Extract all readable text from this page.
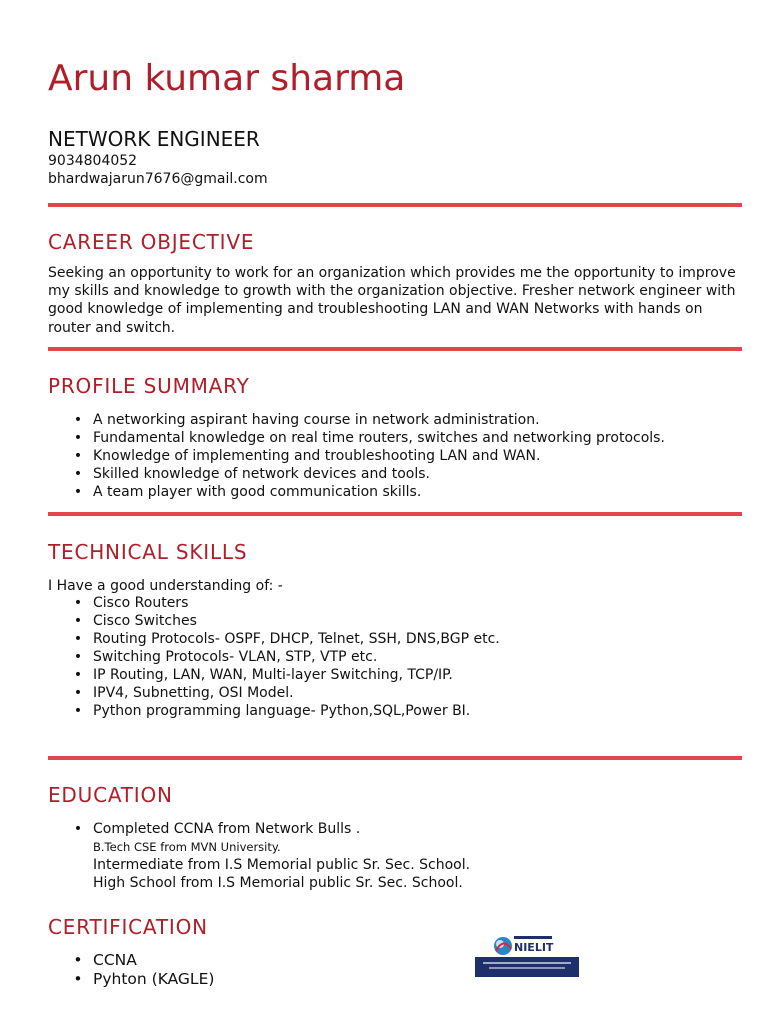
Arun kumar sharma
NETWORK ENGINEER
9034804052
bhardwajarun7676@gmail.com
CAREER OBJECTIVE

Seeking an opportunity to work for an organization which provides me the opportunity to improve my skills and knowledge to growth with the organization objective. Fresher network engineer with good knowledge of implementing and troubleshooting LAN and WAN Networks with hands on router and switch.

PROFILE SUMMARY
• A networking aspirant having course in network administration.
• Fundamental knowledge on real time routers, switches and networking protocols.
• Knowledge of implementing and troubleshooting LAN and WAN.
• Skilled knowledge of network devices and tools.
• A team player with good communication skills.
TECHNICAL SKILLS
I Have a good understanding of: -
• Cisco Routers
• Cisco Switches
• Routing Protocols- OSPF, DHCP, Telnet, SSH, DNS,BGP etc.
• Switching Protocols- VLAN, STP, VTP etc.
• IP Routing, LAN, WAN, Multi-layer Switching, TCP/IP.
• IPV4, Subnetting, OSI Model.
• Python programming language- Python,SQL,Power BI.
EDUCATION
• Completed CCNA from Network Bulls .
B.Tech CSE from MVN University.
Intermediate from I.S Memorial public Sr. Sec. School.
High School from I.S Memorial public Sr. Sec. School.
CERTIFICATION
• CCNA
• Pyhton (KAGLE)
NIELIT
